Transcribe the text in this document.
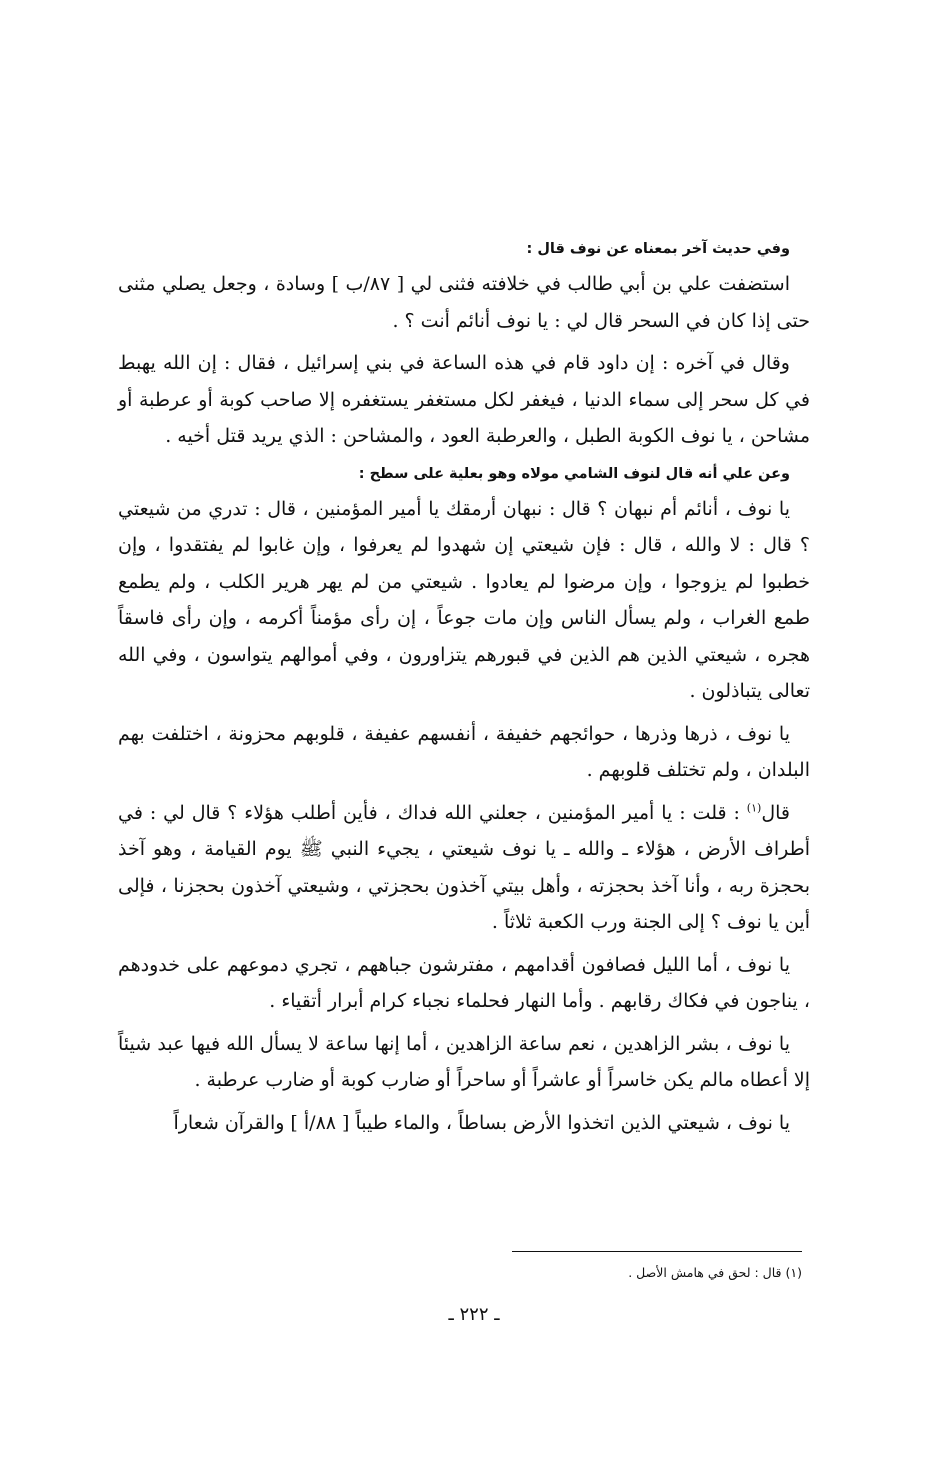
وفي حديث آخر بمعناه عن نوف قال :

استضفت علي بن أبي طالب في خلافته فثنى لي [ ٨٧/ب ] وسادة ، وجعل يصلي مثنى حتى إذا كان في السحر قال لي : يا نوف أنائم أنت ؟ .

وقال في آخره : إن داود قام في هذه الساعة في بني إسرائيل ، فقال : إن الله يهبط في كل سحر إلى سماء الدنيا ، فيغفر لكل مستغفر يستغفره إلا صاحب كوبة أو عرطبة أو مشاحن ، يا نوف الكوبة الطبل ، والعرطبة العود ، والمشاحن : الذي يريد قتل أخيه .

وعن علي أنه قال لنوف الشامي مولاه وهو بعلية على سطح :

يا نوف ، أنائم أم نبهان ؟ قال : نبهان أرمقك يا أمير المؤمنين ، قال : تدري من شيعتي ؟ قال : لا والله ، قال : فإن شيعتي إن شهدوا لم يعرفوا ، وإن غابوا لم يفتقدوا ، وإن خطبوا لم يزوجوا ، وإن مرضوا لم يعادوا . شيعتي من لم يهر هرير الكلب ، ولم يطمع طمع الغراب ، ولم يسأل الناس وإن مات جوعاً ، إن رأى مؤمناً أكرمه ، وإن رأى فاسقاً هجره ، شيعتي الذين هم الذين في قبورهم يتزاورون ، وفي أموالهم يتواسون ، وفي الله تعالى يتباذلون .

يا نوف ، ذرها وذرها ، حوائجهم خفيفة ، أنفسهم عفيفة ، قلوبهم محزونة ، اختلفت بهم البلدان ، ولم تختلف قلوبهم .

قال$^{(١)}$ : قلت : يا أمير المؤمنين ، جعلني الله فداك ، فأين أطلب هؤلاء ؟ قال لي : في أطراف الأرض ، هؤلاء ـ والله ـ يا نوف شيعتي ، يجيء النبي ﷺ يوم القيامة ، وهو آخذ بحجزة ربه ، وأنا آخذ بحجزته ، وأهل بيتي آخذون بحجزتي ، وشيعتي آخذون بحجزنا ، فإلى أين يا نوف ؟ إلى الجنة ورب الكعبة ثلاثاً .

يا نوف ، أما الليل فصافون أقدامهم ، مفترشون جباههم ، تجري دموعهم على خدودهم ، يناجون في فكاك رقابهم . وأما النهار فحلماء نجباء كرام أبرار أتقياء .

يا نوف ، بشر الزاهدين ، نعم ساعة الزاهدين ، أما إنها ساعة لا يسأل الله فيها عبد شيئاً إلا أعطاه مالم يكن خاسراً أو عاشراً أو ساحراً أو ضارب كوبة أو ضارب عرطبة .

يا نوف ، شيعتي الذين اتخذوا الأرض بساطاً ، والماء طيباً [ ٨٨/أ ] والقرآن شعاراً

(١) قال : لحق في هامش الأصل .
ـ ٢٢٢ ـ
